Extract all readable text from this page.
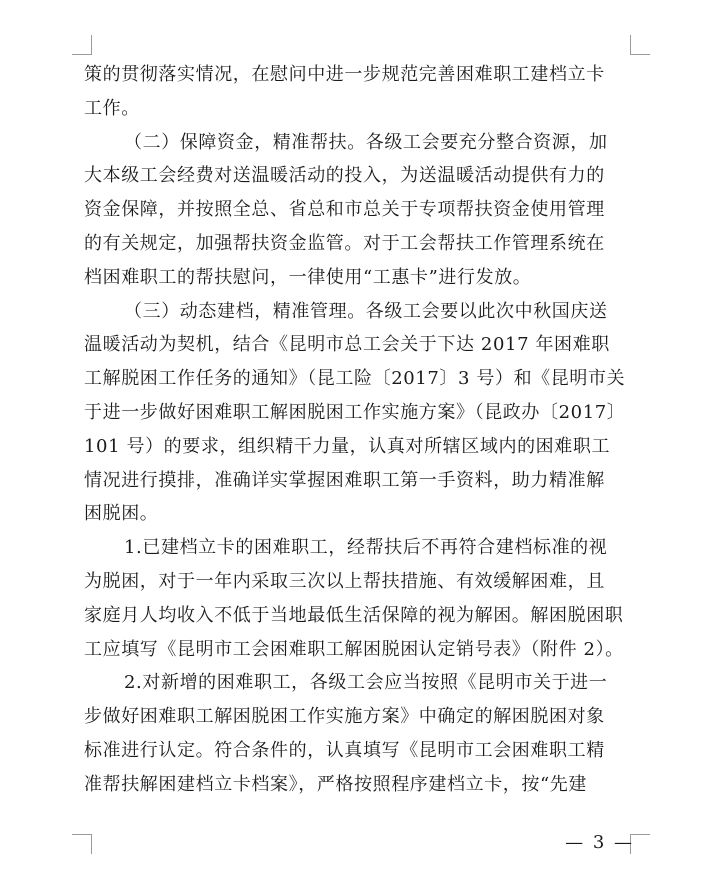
策的贯彻落实情况，在慰问中进一步规范完善困难职工建档立卡
工作。
（二）保障资金，精准帮扶。各级工会要充分整合资源，加
大本级工会经费对送温暖活动的投入，为送温暖活动提供有力的
资金保障，并按照全总、省总和市总关于专项帮扶资金使用管理
的有关规定，加强帮扶资金监管。对于工会帮扶工作管理系统在
档困难职工的帮扶慰问，一律使用“工惠卡”进行发放。
（三）动态建档，精准管理。各级工会要以此次中秋国庆送
温暖活动为契机，结合《昆明市总工会关于下达 2017 年困难职
工解脱困工作任务的通知》（昆工险〔2017〕3 号）和《昆明市关
于进一步做好困难职工解困脱困工作实施方案》（昆政办〔2017〕
101 号）的要求，组织精干力量，认真对所辖区域内的困难职工
情况进行摸排，准确详实掌握困难职工第一手资料，助力精准解
困脱困。
1.已建档立卡的困难职工，经帮扶后不再符合建档标准的视
为脱困，对于一年内采取三次以上帮扶措施、有效缓解困难，且
家庭月人均收入不低于当地最低生活保障的视为解困。解困脱困职
工应填写《昆明市工会困难职工解困脱困认定销号表》（附件 2）。
2.对新增的困难职工，各级工会应当按照《昆明市关于进一
步做好困难职工解困脱困工作实施方案》中确定的解困脱困对象
标准进行认定。符合条件的，认真填写《昆明市工会困难职工精
准帮扶解困建档立卡档案》，严格按照程序建档立卡，按“先建
— 3 —
